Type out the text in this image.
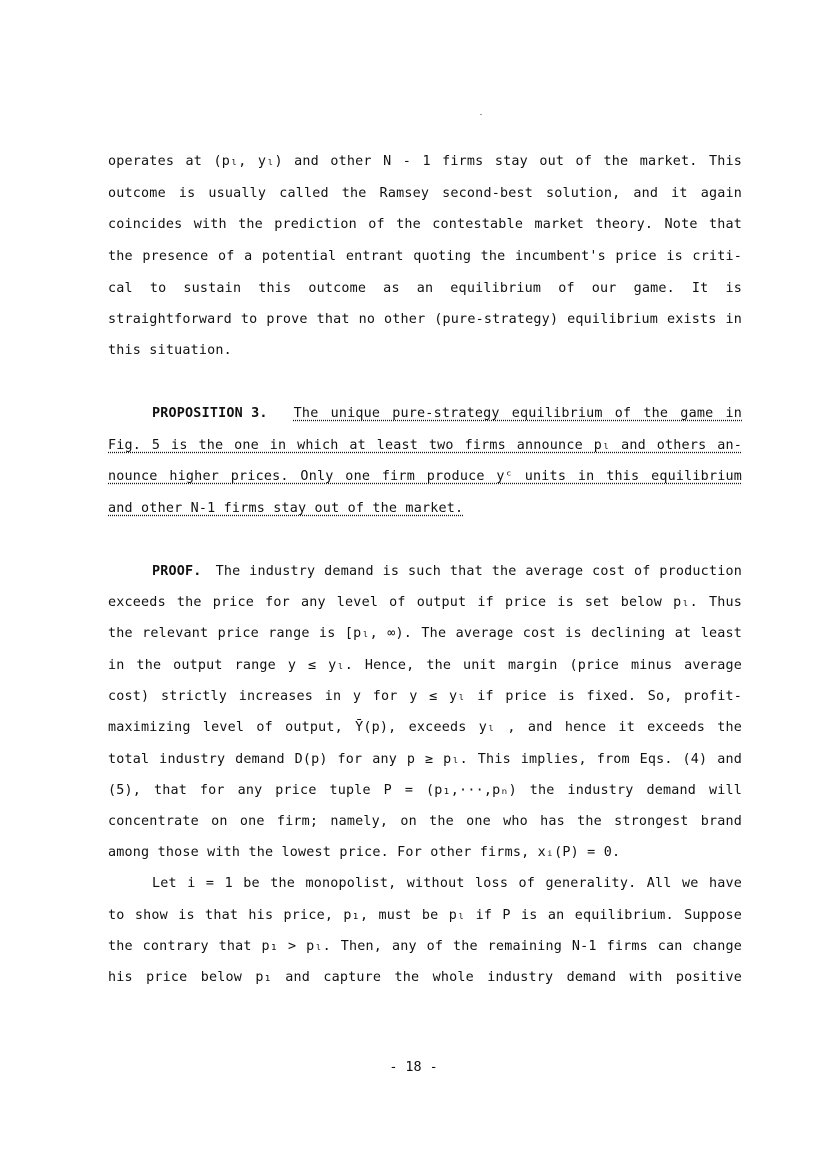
operates at (pₗ, yₗ) and other N - 1 firms stay out of the market. This
outcome is usually called the Ramsey second-best solution, and it again
coincides with the prediction of the contestable market theory. Note that
the presence of a potential entrant quoting the incumbent's price is criti-
cal to sustain this outcome as an equilibrium of our game. It is
straightforward to prove that no other (pure-strategy) equilibrium exists in
this situation.
PROPOSITION 3. The unique pure-strategy equilibrium of the game in
Fig. 5 is the one in which at least two firms announce pₗ and others an-
nounce higher prices. Only one firm produce yᶜ units in this equilibrium
and other N-1 firms stay out of the market.
PROOF. The industry demand is such that the average cost of production
exceeds the price for any level of output if price is set below pₗ. Thus
the relevant price range is [pₗ, ∞). The average cost is declining at least
in the output range y ≤ yₗ. Hence, the unit margin (price minus average
cost) strictly increases in y for y ≤ yₗ if price is fixed. So, profit-
maximizing level of output, Ȳ(p), exceeds yₗ , and hence it exceeds the
total industry demand D(p) for any p ≥ pₗ. This implies, from Eqs. (4) and
(5), that for any price tuple P = (p₁,···,pₙ) the industry demand will
concentrate on one firm; namely, on the one who has the strongest brand
among those with the lowest price. For other firms, xᵢ(P) = 0.
Let i = 1 be the monopolist, without loss of generality. All we have
to show is that his price, p₁, must be pₗ if P is an equilibrium. Suppose
the contrary that p₁ > pₗ. Then, any of the remaining N-1 firms can change
his price below p₁ and capture the whole industry demand with positive
- 18 -
